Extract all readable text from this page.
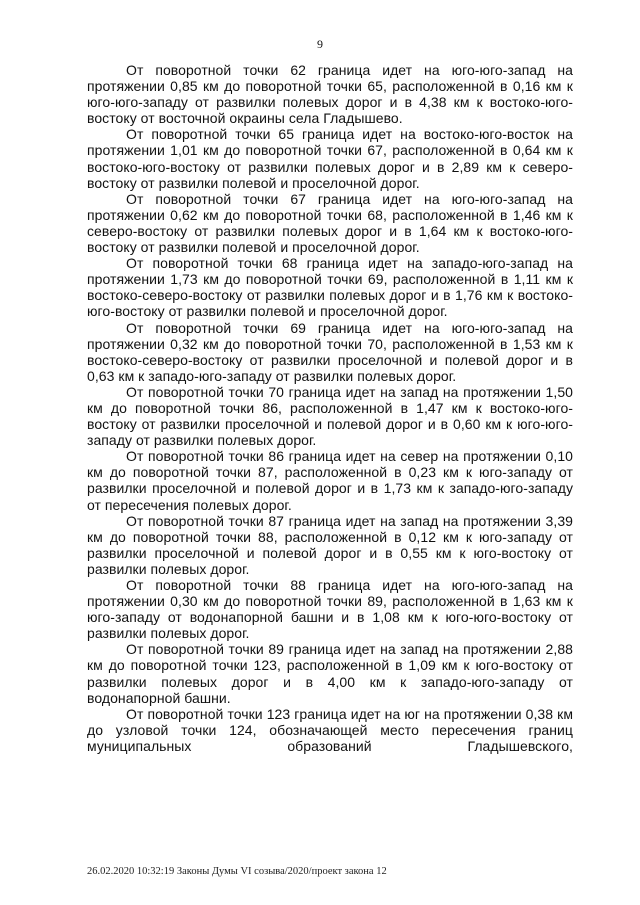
9

От поворотной точки 62 граница идет на юго-юго-запад на протяжении 0,85 км до поворотной точки 65, расположенной в 0,16 км к юго-юго-западу от развилки полевых дорог и в 4,38 км к востоко-юго-востоку от восточной окраины села Гладышево.

От поворотной точки 65 граница идет на востоко-юго-восток на протяжении 1,01 км до поворотной точки 67, расположенной в 0,64 км к востоко-юго-востоку от развилки полевых дорог и в 2,89 км к северо-востоку от развилки полевой и проселочной дорог.

От поворотной точки 67 граница идет на юго-юго-запад на протяжении 0,62 км до поворотной точки 68, расположенной в 1,46 км к северо-востоку от развилки полевых дорог и в 1,64 км к востоко-юго-востоку от развилки полевой и проселочной дорог.

От поворотной точки 68 граница идет на западо-юго-запад на протяжении 1,73 км до поворотной точки 69, расположенной в 1,11 км к востоко-северо-востоку от развилки полевых дорог и в 1,76 км к востоко-юго-востоку от развилки полевой и проселочной дорог.

От поворотной точки 69 граница идет на юго-юго-запад на протяжении 0,32 км до поворотной точки 70, расположенной в 1,53 км к востоко-северо-востоку от развилки проселочной и полевой дорог и в 0,63 км к западо-юго-западу от развилки полевых дорог.

От поворотной точки 70 граница идет на запад на протяжении 1,50 км до поворотной точки 86, расположенной в 1,47 км к востоко-юго-востоку от развилки проселочной и полевой дорог и в 0,60 км к юго-юго-западу от развилки полевых дорог.

От поворотной точки 86 граница идет на север на протяжении 0,10 км до поворотной точки 87, расположенной в 0,23 км к юго-западу от развилки проселочной и полевой дорог и в 1,73 км к западо-юго-западу от пересечения полевых дорог.

От поворотной точки 87 граница идет на запад на протяжении 3,39 км до поворотной точки 88, расположенной в 0,12 км к юго-западу от развилки проселочной и полевой дорог и в 0,55 км к юго-востоку от развилки полевых дорог.

От поворотной точки 88 граница идет на юго-юго-запад на протяжении 0,30 км до поворотной точки 89, расположенной в 1,63 км к юго-западу от водонапорной башни и в 1,08 км к юго-юго-востоку от развилки полевых дорог.

От поворотной точки 89 граница идет на запад на протяжении 2,88 км до поворотной точки 123, расположенной в 1,09 км к юго-востоку от развилки полевых дорог и в 4,00 км к западо-юго-западу от водонапорной башни.

От поворотной точки 123 граница идет на юг на протяжении 0,38 км до узловой точки 124, обозначающей место пересечения границ муниципальных образований Гладышевского,

26.02.2020 10:32:19 Законы Думы VI созыва/2020/проект закона 12
